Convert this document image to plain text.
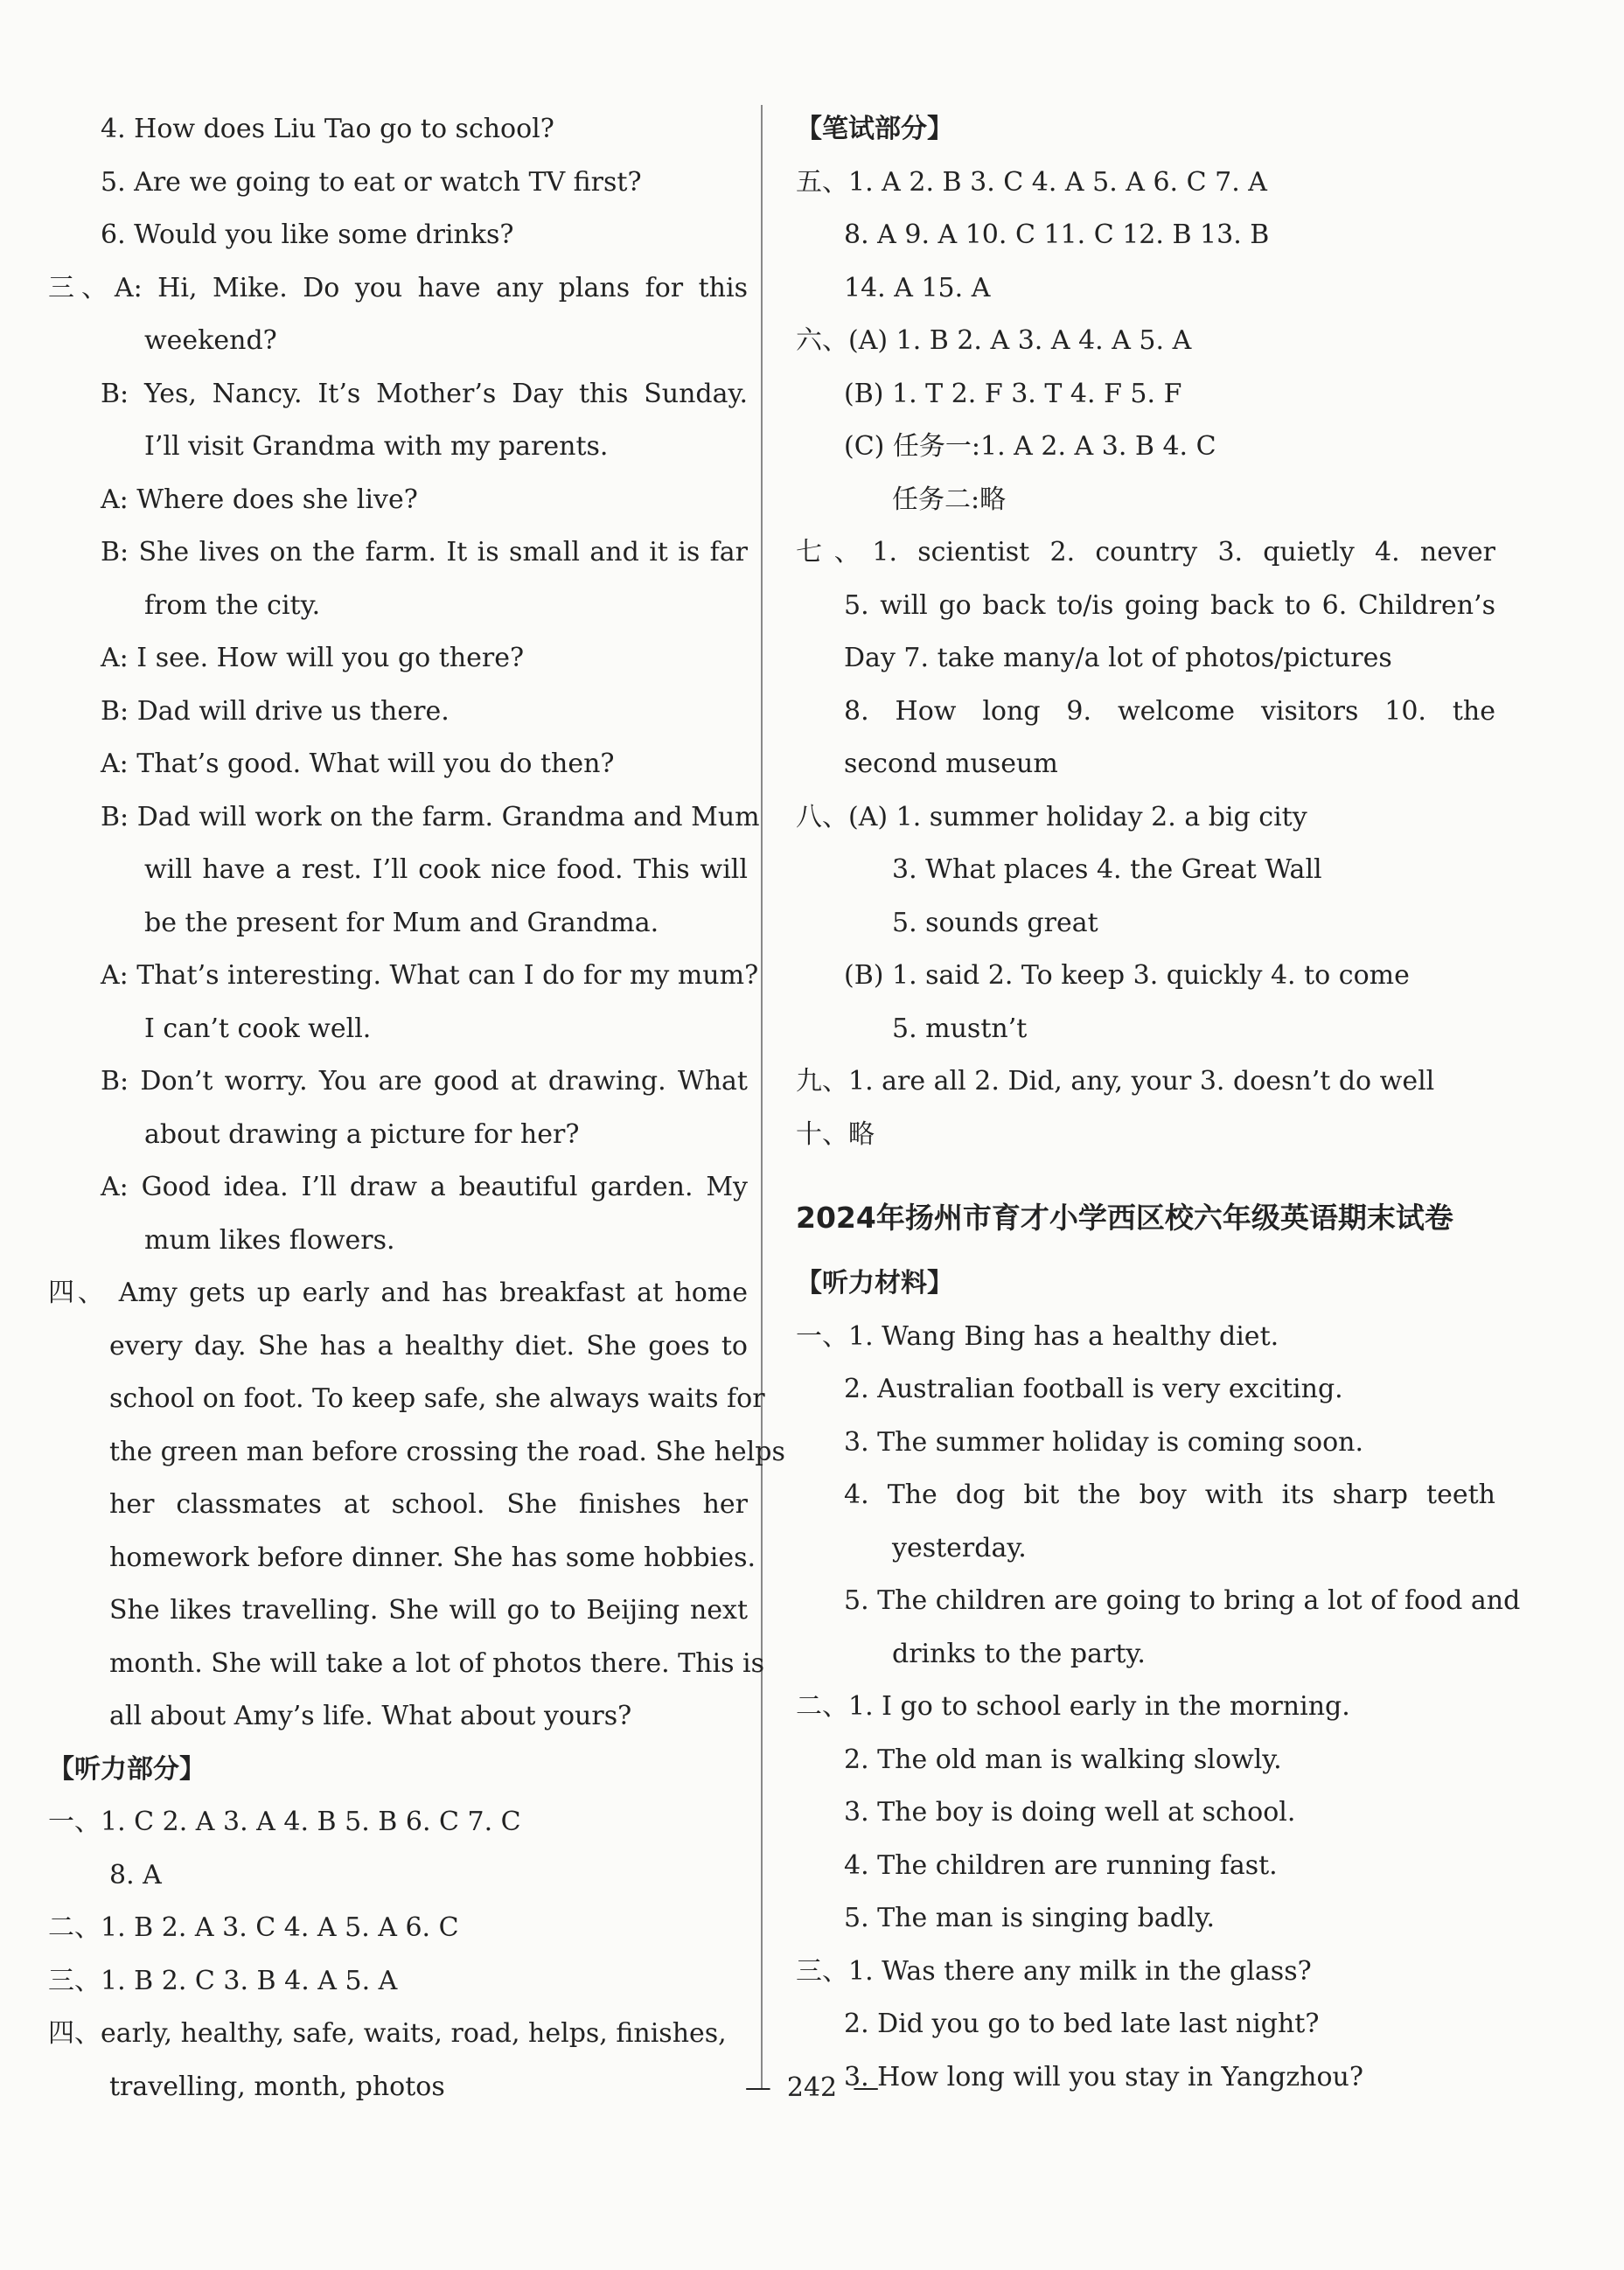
4. How does Liu Tao go to school?
5. Are we going to eat or watch TV first?
6. Would you like some drinks?
三、A: Hi, Mike. Do you have any plans for this
weekend?
B: Yes, Nancy. It’s Mother’s Day this Sunday.
I’ll visit Grandma with my parents.
A: Where does she live?
B: She lives on the farm. It is small and it is far
from the city.
A: I see. How will you go there?
B: Dad will drive us there.
A: That’s good. What will you do then?
B: Dad will work on the farm. Grandma and Mum
will have a rest. I’ll cook nice food. This will
be the present for Mum and Grandma.
A: That’s interesting. What can I do for my mum?
I can’t cook well.
B: Don’t worry. You are good at drawing. What
about drawing a picture for her?
A: Good idea. I’ll draw a beautiful garden. My
mum likes flowers.
四、 Amy gets up early and has breakfast at home
every day. She has a healthy diet. She goes to
school on foot. To keep safe, she always waits for
the green man before crossing the road. She helps
her classmates at school. She finishes her
homework before dinner. She has some hobbies.
She likes travelling. She will go to Beijing next
month. She will take a lot of photos there. This is
all about Amy’s life. What about yours?
【听力部分】
一、1. C 2. A 3. A 4. B 5. B 6. C 7. C
8. A
二、1. B 2. A 3. C 4. A 5. A 6. C
三、1. B 2. C 3. B 4. A 5. A
四、early, healthy, safe, waits, road, helps, finishes,
travelling, month, photos
【笔试部分】
五、1. A 2. B 3. C 4. A 5. A 6. C 7. A
8. A 9. A 10. C 11. C 12. B 13. B
14. A 15. A
六、(A) 1. B 2. A 3. A 4. A 5. A
(B) 1. T 2. F 3. T 4. F 5. F
(C) 任务一:1. A 2. A 3. B 4. C
任务二:略
七、1. scientist 2. country 3. quietly 4. never
5. will go back to/is going back to 6. Children’s
Day 7. take many/a lot of photos/pictures
8. How long 9. welcome visitors 10. the
second museum
八、(A) 1. summer holiday 2. a big city
3. What places 4. the Great Wall
5. sounds great
(B) 1. said 2. To keep 3. quickly 4. to come
5. mustn’t
九、1. are all 2. Did, any, your 3. doesn’t do well
十、略
2024年扬州市育才小学西区校六年级英语期末试卷
【听力材料】
一、1. Wang Bing has a healthy diet.
2. Australian football is very exciting.
3. The summer holiday is coming soon.
4. The dog bit the boy with its sharp teeth
yesterday.
5. The children are going to bring a lot of food and
drinks to the party.
二、1. I go to school early in the morning.
2. The old man is walking slowly.
3. The boy is doing well at school.
4. The children are running fast.
5. The man is singing badly.
三、1. Was there any milk in the glass?
2. Did you go to bed late last night?
3. How long will you stay in Yangzhou?
— 242 —
